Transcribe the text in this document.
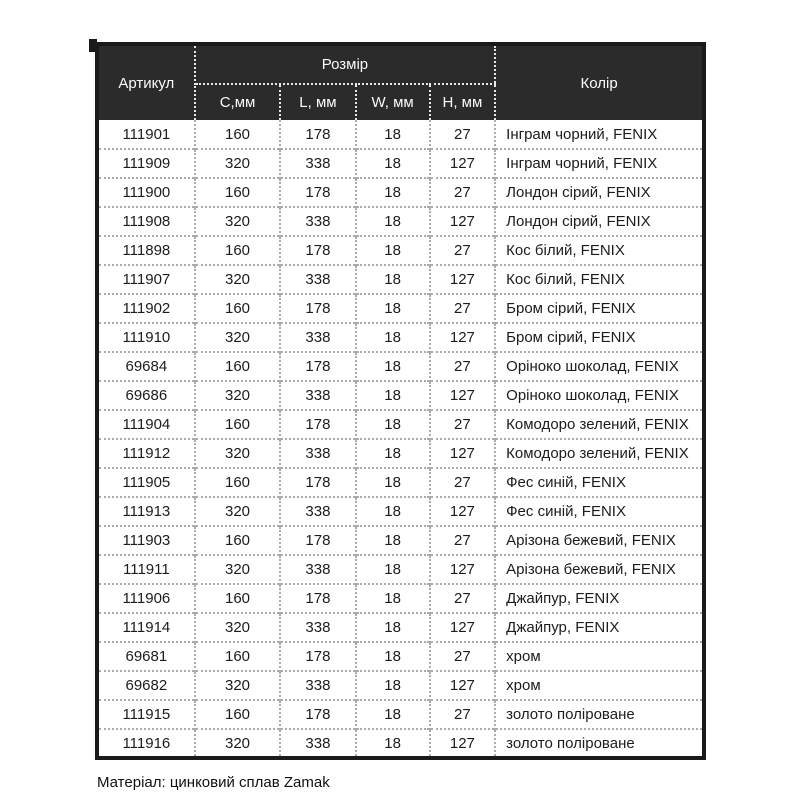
Артикул	Розмір				Колір
	С,мм	L, мм	W, мм	Н, мм	
111901	160	178	18	27	Інграм чорний, FENIX
111909	320	338	18	127	Інграм чорний, FENIX
111900	160	178	18	27	Лондон сірий, FENIX
111908	320	338	18	127	Лондон сірий, FENIX
111898	160	178	18	27	Кос білий, FENIX
111907	320	338	18	127	Кос білий, FENIX
111902	160	178	18	27	Бром сірий, FENIX
111910	320	338	18	127	Бром сірий, FENIX
69684	160	178	18	27	Оріноко шоколад, FENIX
69686	320	338	18	127	Оріноко шоколад, FENIX
111904	160	178	18	27	Комодоро зелений, FENIX
111912	320	338	18	127	Комодоро зелений, FENIX
111905	160	178	18	27	Фес синій, FENIX
111913	320	338	18	127	Фес синій, FENIX
111903	160	178	18	27	Арізона бежевий, FENIX
111911	320	338	18	127	Арізона бежевий, FENIX
111906	160	178	18	27	Джайпур, FENIX
111914	320	338	18	127	Джайпур, FENIX
69681	160	178	18	27	хром
69682	320	338	18	127	хром
111915	160	178	18	27	золото поліроване
111916	320	338	18	127	золото поліроване
Матеріал: цинковий сплав Zamak
